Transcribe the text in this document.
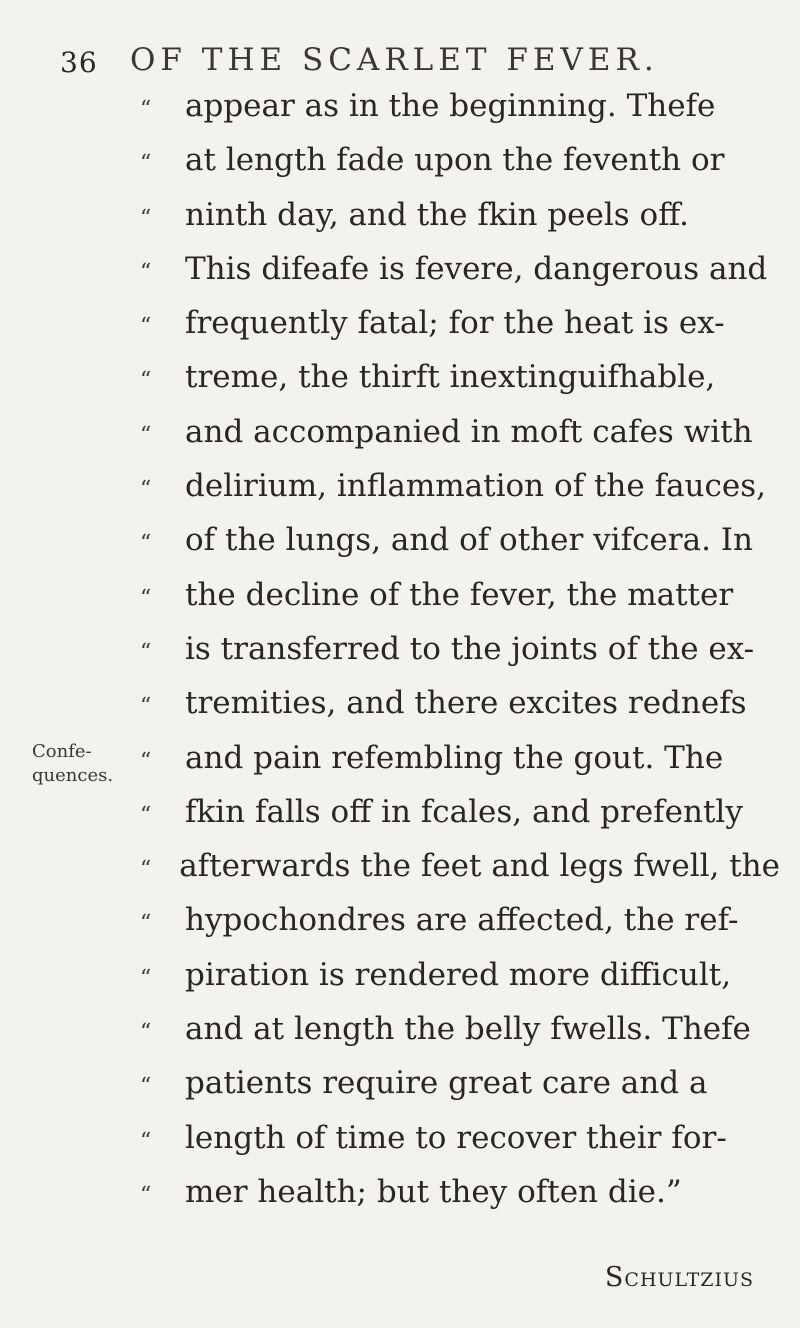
36 OF THE SCARLET FEVER.
Confe-
quences.
“	appear as in the beginning. Thefe
“	at length fade upon the feventh or
“	ninth day, and the fkin peels off.
“	This difeafe is fevere, dangerous and
“	frequently fatal; for the heat is ex-
“	treme, the thirft inextinguifhable,
“	and accompanied in moft cafes with
“	delirium, inflammation of the fauces,
“	of the lungs, and of other vifcera. In
“	the decline of the fever, the matter
“	is transferred to the joints of the ex-
“	tremities, and there excites rednefs
“	and pain refembling the gout. The
“	fkin falls off in fcales, and prefently
“ afterwards the feet and legs fwell, the
“	hypochondres are affected, the ref-
“	piration is rendered more difficult,
“	and at length the belly fwells. Thefe
“	patients require great care and a
“	length of time to recover their for-
“	mer health; but they often die.”
Schultzius
